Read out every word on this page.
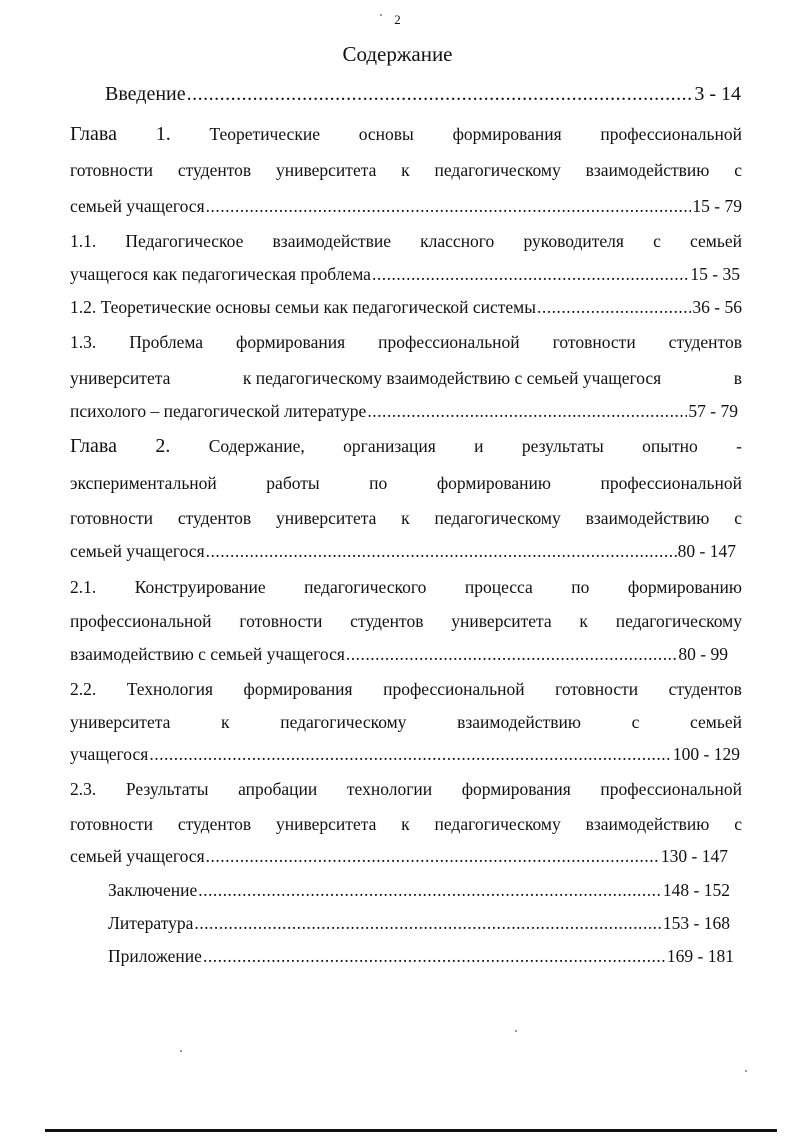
2
Содержание
Введение .....	3 - 14
Глава 1. Теоретические основы формирования профессиональной
готовности студентов университета к педагогическому взаимодействию с
семьей учащегося .....	15 - 79
1.1. Педагогическое взаимодействие классного руководителя с семьей
учащегося как педагогическая проблема .....	15 - 35
1.2. Теоретические основы семьи как педагогической системы .....	36 - 56
1.3. Проблема формирования профессиональной готовности студентов
университета	к педагогическому взаимодействию с семьей учащегося	в
психолого – педагогической литературе .....	57 - 79
Глава 2. Содержание, организация и результаты опытно -
экспериментальной	работы	по	формированию	профессиональной
готовности студентов университета к педагогическому взаимодействию с
семьей учащегося .....	80 - 147
2.1. Конструирование педагогического процесса по формированию
профессиональной готовности студентов университета к педагогическому
взаимодействию с семьей учащегося .....	80 - 99
2.2. Технология формирования профессиональной готовности студентов
университета	к	педагогическому	взаимодействию	с	семьей
учащегося .....	100 - 129
2.3. Результаты апробации технологии формирования профессиональной
готовности студентов университета к педагогическому взаимодействию с
семьей учащегося .....	130 - 147
Заключение .....	148 - 152
Литература .....	153 - 168
Приложение .....	169 - 181
